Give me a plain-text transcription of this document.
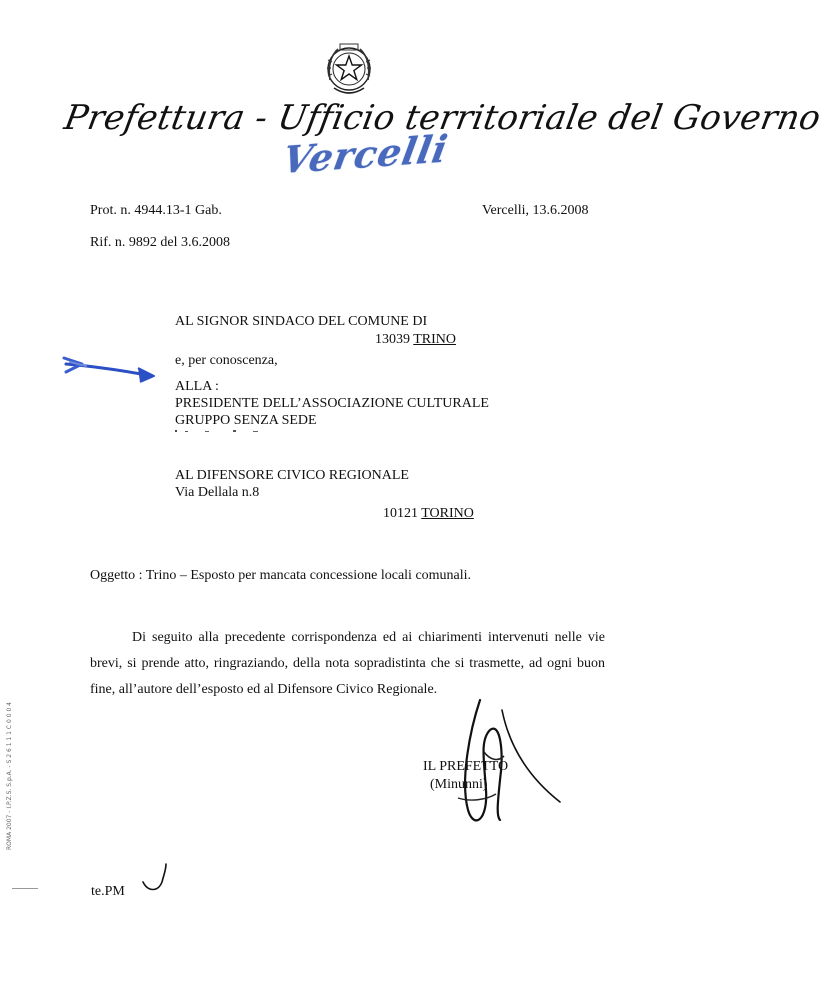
Prefettura - Ufficio territoriale del Governo
Vercelli
Prot. n. 4944.13-1 Gab.
Rif. n. 9892 del 3.6.2008
Vercelli, 13.6.2008
AL SIGNOR SINDACO DEL COMUNE DI
13039 TRINO
e, per conoscenza,
ALLA :
PRESIDENTE DELL’ASSOCIAZIONE CULTURALE
GRUPPO SENZA SEDE
AL DIFENSORE CIVICO REGIONALE
Via Dellala n.8
10121 TORINO
Oggetto : Trino – Esposto per mancata concessione locali comunali.
Di seguito alla precedente corrispondenza ed ai chiarimenti intervenuti nelle vie brevi, si prende atto, ringraziando, della nota sopradistinta che si trasmette, ad ogni buon fine, all’autore dell’esposto ed al Difensore Civico Regionale.
IL PREFETTO
(Minunni)
te.PM
ROMA 2007 - I.P.Z.S. S.p.A. - S 2 6 1 1 1 C 0 0 0 4
